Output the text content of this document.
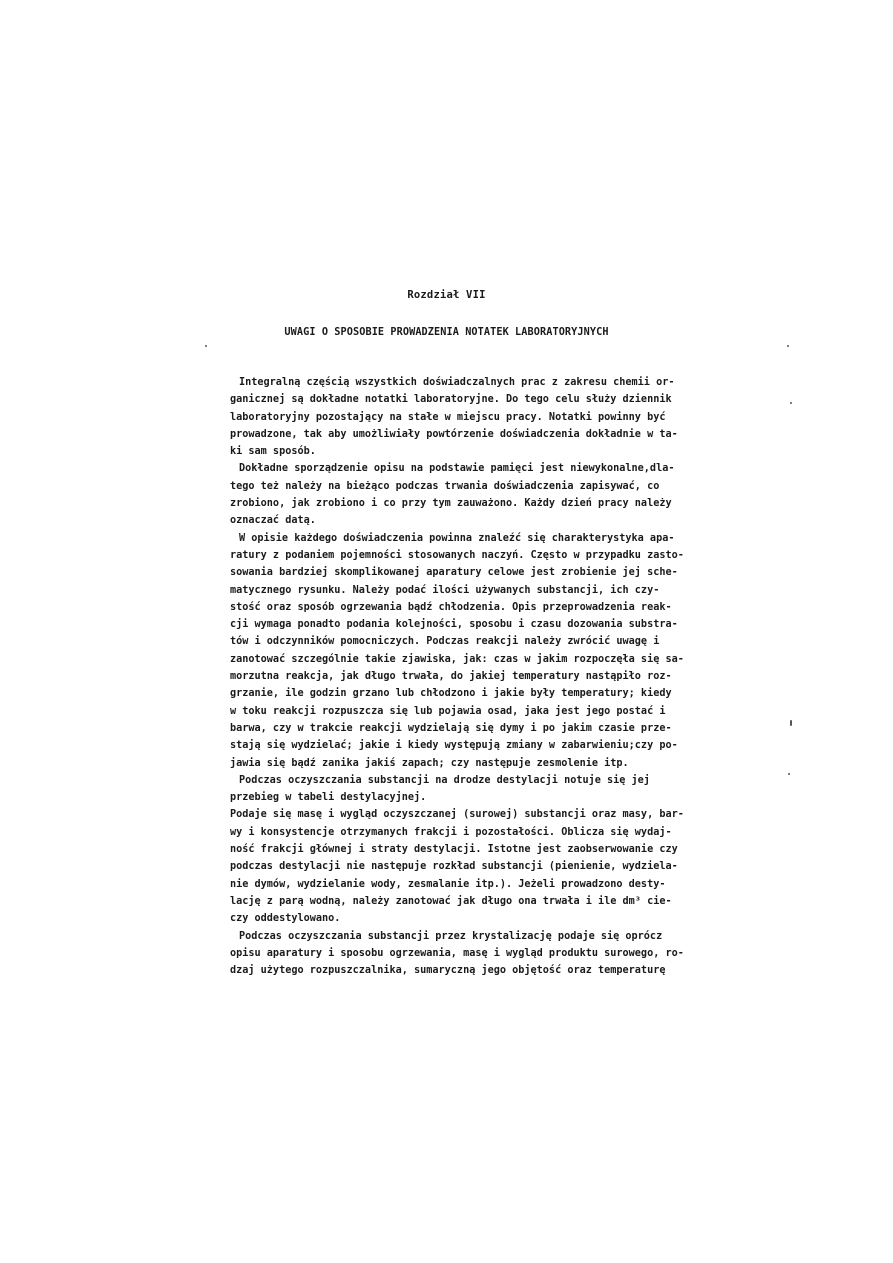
Rozdział VII
UWAGI O SPOSOBIE PROWADZENIA NOTATEK LABORATORYJNYCH
Integralną częścią wszystkich doświadczalnych prac z zakresu chemii or-
ganicznej są dokładne notatki laboratoryjne. Do tego celu służy dziennik
laboratoryjny pozostający na stałe w miejscu pracy. Notatki powinny być
prowadzone, tak aby umożliwiały powtórzenie doświadczenia dokładnie w ta-
ki sam sposób.
Dokładne sporządzenie opisu na podstawie pamięci jest niewykonalne,dla-
tego też należy na bieżąco podczas trwania doświadczenia zapisywać, co
zrobiono, jak zrobiono i co przy tym zauważono. Każdy dzień pracy należy
oznaczać datą.
W opisie każdego doświadczenia powinna znaleźć się charakterystyka apa-
ratury z podaniem pojemności stosowanych naczyń. Często w przypadku zasto-
sowania bardziej skomplikowanej aparatury celowe jest zrobienie jej sche-
matycznego rysunku. Należy podać ilości używanych substancji, ich czy-
stość oraz sposób ogrzewania bądź chłodzenia. Opis przeprowadzenia reak-
cji wymaga ponadto podania kolejności, sposobu i czasu dozowania substra-
tów i odczynników pomocniczych. Podczas reakcji należy zwrócić uwagę i
zanotować szczególnie takie zjawiska, jak: czas w jakim rozpoczęła się sa-
morzutna reakcja, jak długo trwała, do jakiej temperatury nastąpiło roz-
grzanie, ile godzin grzano lub chłodzono i jakie były temperatury; kiedy
w toku reakcji rozpuszcza się lub pojawia osad, jaka jest jego postać i
barwa, czy w trakcie reakcji wydzielają się dymy i po jakim czasie prze-
stają się wydzielać; jakie i kiedy występują zmiany w zabarwieniu;czy po-
jawia się bądź zanika jakiś zapach; czy następuje zesmolenie itp.
Podczas oczyszczania substancji na drodze destylacji notuje się jej
przebieg w tabeli destylacyjnej.
Podaje się masę i wygląd oczyszczanej (surowej) substancji oraz masy, bar-
wy i konsystencje otrzymanych frakcji i pozostałości. Oblicza się wydaj-
ność frakcji głównej i straty destylacji. Istotne jest zaobserwowanie czy
podczas destylacji nie następuje rozkład substancji (pienienie, wydziela-
nie dymów, wydzielanie wody, zesmalanie itp.). Jeżeli prowadzono desty-
lację z parą wodną, należy zanotować jak długo ona trwała i ile dm³ cie-
czy oddestylowano.
Podczas oczyszczania substancji przez krystalizację podaje się oprócz
opisu aparatury i sposobu ogrzewania, masę i wygląd produktu surowego, ro-
dzaj użytego rozpuszczalnika, sumaryczną jego objętość oraz temperaturę
